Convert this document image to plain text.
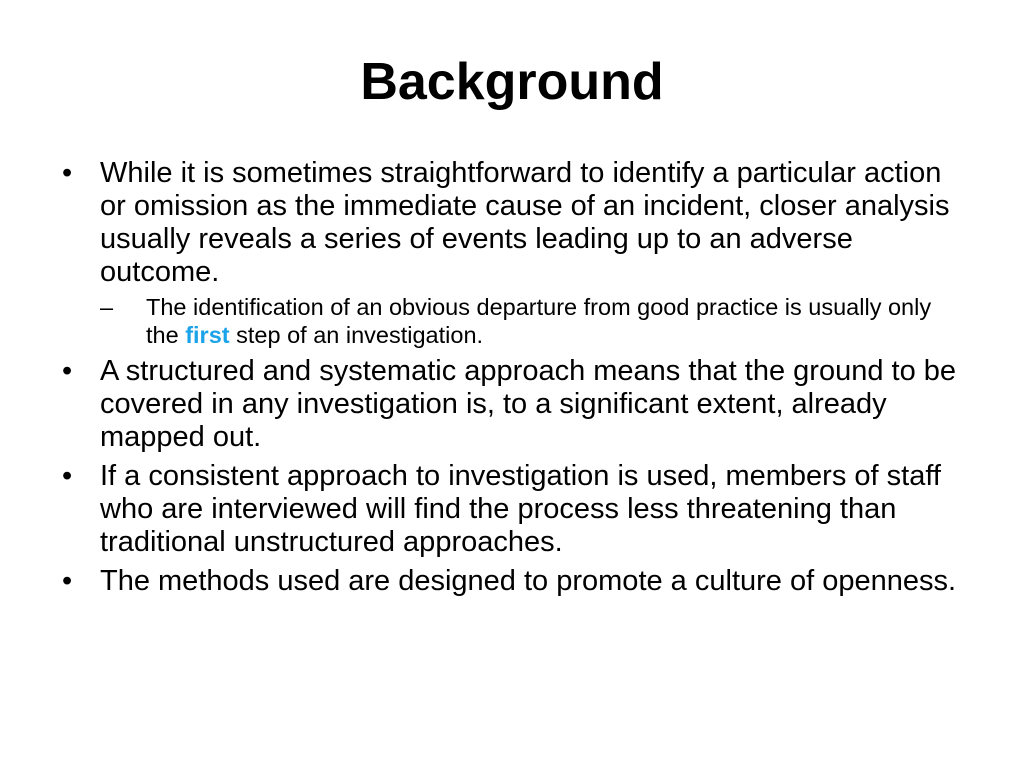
Background
• While it is sometimes straightforward to identify a particular action or omission as the immediate cause of an incident, closer analysis usually reveals a series of events leading up to an adverse outcome.
– The identification of an obvious departure from good practice is usually only the first step of an investigation.
• A structured and systematic approach means that the ground to be covered in any investigation is, to a significant extent, already mapped out.
• If a consistent approach to investigation is used, members of staff who are interviewed will find the process less threatening than traditional unstructured approaches.
• The methods used are designed to promote a culture of openness.
